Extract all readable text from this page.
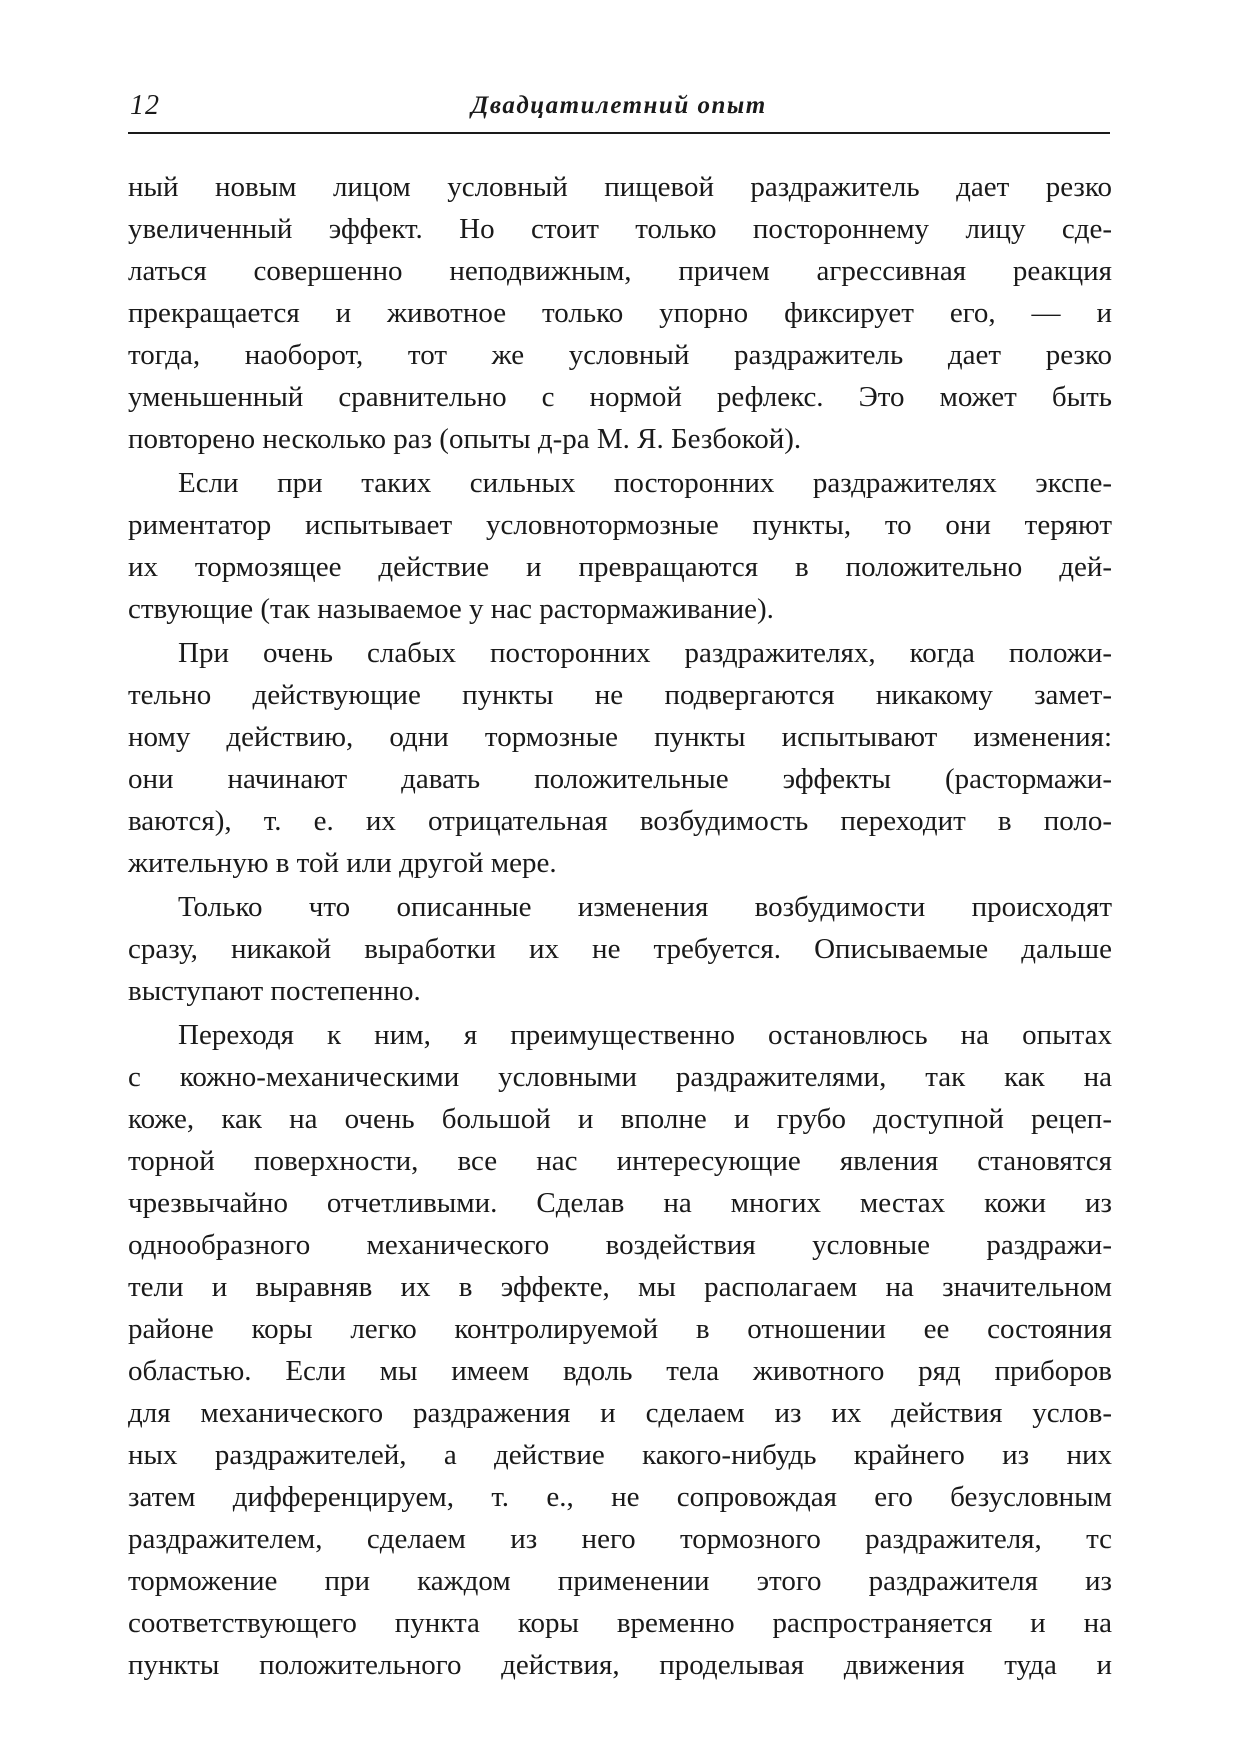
12	Двадцатилетний опыт
ный новым лицом условный пищевой раздражитель дает резко
увеличенный эффект. Но стоит только постороннему лицу сде-
латься совершенно неподвижным, причем агрессивная реакция
прекращается и животное только упорно фиксирует его, — и
тогда, наоборот, тот же условный раздражитель дает резко
уменьшенный сравнительно с нормой рефлекс. Это может быть
повторено несколько раз (опыты д-ра М. Я. Безбокой).
Если при таких сильных посторонних раздражителях экспе-
риментатор испытывает условнотормозные пункты, то они теряют
их тормозящее действие и превращаются в положительно дей-
ствующие (так называемое у нас растормаживание).
При очень слабых посторонних раздражителях, когда положи-
тельно действующие пункты не подвергаются никакому замет-
ному действию, одни тормозные пункты испытывают изменения:
они начинают давать положительные эффекты (растормажи-
ваются), т. е. их отрицательная возбудимость переходит в поло-
жительную в той или другой мере.
Только что описанные изменения возбудимости происходят
сразу, никакой выработки их не требуется. Описываемые дальше
выступают постепенно.
Переходя к ним, я преимущественно остановлюсь на опытах
с кожно-механическими условными раздражителями, так как на
коже, как на очень большой и вполне и грубо доступной рецеп-
торной поверхности, все нас интересующие явления становятся
чрезвычайно отчетливыми. Сделав на многих местах кожи из
однообразного механического воздействия условные раздражи-
тели и выравняв их в эффекте, мы располагаем на значительном
районе коры легко контролируемой в отношении ее состояния
областью. Если мы имеем вдоль тела животного ряд приборов
для механического раздражения и сделаем из их действия услов-
ных раздражителей, а действие какого-нибудь крайнего из них
затем дифференцируем, т. е., не сопровождая его безусловным
раздражителем, сделаем из него тормозного раздражителя, тс
торможение при каждом применении этого раздражителя из
соответствующего пункта коры временно распространяется и на
пункты положительного действия, проделывая движения туда и
